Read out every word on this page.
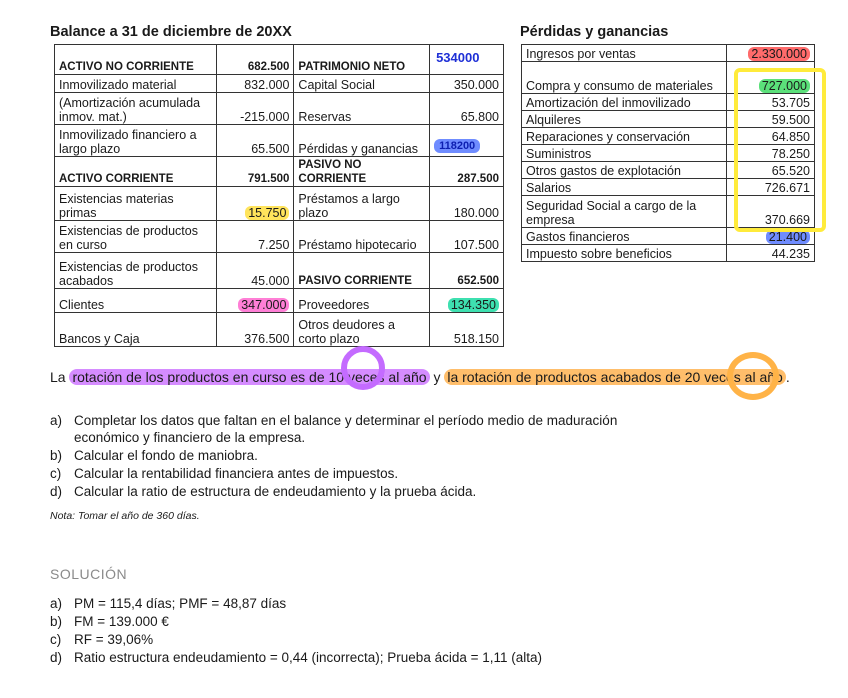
Balance a 31 de diciembre de 20XX
ACTIVO NO CORRIENTE	682.500	PATRIMONIO NETO	534000

Inmovilizado material	832.000	Capital Social	350.000
(Amortización acumulada inmov. mat.)	-215.000	Reservas	65.800
Inmovilizado financiero a largo plazo	65.500	Pérdidas y ganancias	118200

ACTIVO CORRIENTE	791.500	PASIVO NO CORRIENTE	287.500
Existencias materias primas	15.750	Préstamos a largo plazo	180.000
Existencias de productos en curso	7.250	Préstamo hipotecario	107.500
Existencias de productos acabados	45.000	PASIVO CORRIENTE	652.500
Clientes	347.000	Proveedores	134.350
Bancos y Caja	376.500	Otros deudores a corto plazo	518.150
Pérdidas y ganancias
Ingresos por ventas	2.330.000
Compra y consumo de materiales	727.000
Amortización del inmovilizado	53.705
Alquileres	59.500
Reparaciones y conservación	64.850
Suministros	78.250
Otros gastos de explotación	65.520
Salarios	726.671
Seguridad Social a cargo de la empresa	370.669
Gastos financieros	21.400
Impuesto sobre beneficios	44.235
La rotación de los productos en curso es de 10 veces al año y la rotación de productos acabados de 20 veces al año .
a) Completar los datos que faltan en el balance y determinar el período medio de maduración
económico y financiero de la empresa.
b) Calcular el fondo de maniobra.
c) Calcular la rentabilidad financiera antes de impuestos.
d) Calcular la ratio de estructura de endeudamiento y la prueba ácida.
Nota: Tomar el año de 360 días.
SOLUCIÓN
a) PM = 115,4 días; PMF = 48,87 días
b) FM = 139.000 €
c) RF = 39,06%
d) Ratio estructura endeudamiento = 0,44 (incorrecta); Prueba ácida = 1,11 (alta)
